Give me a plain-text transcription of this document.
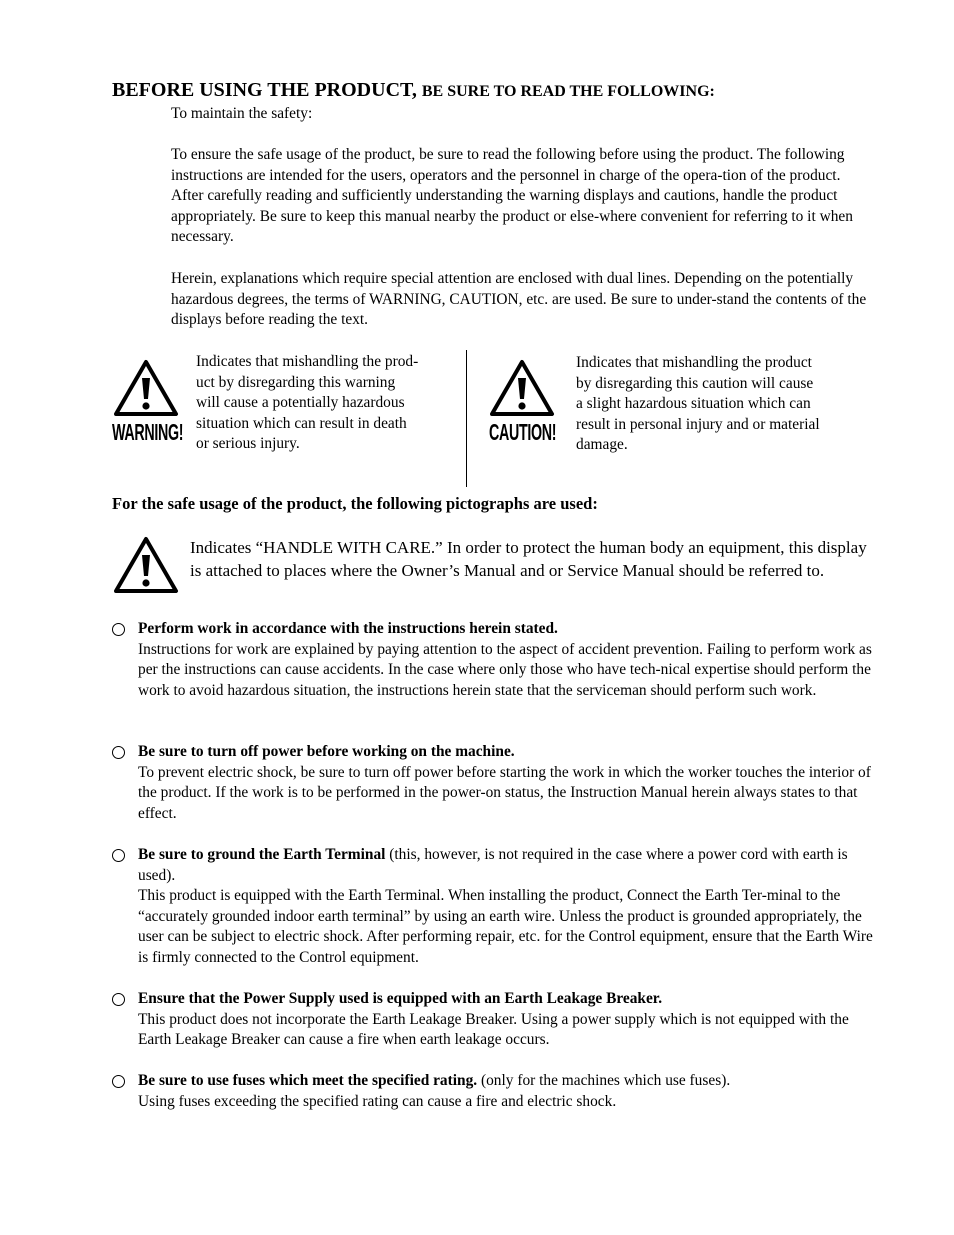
BEFORE USING THE PRODUCT, BE SURE TO READ THE FOLLOWING:
To maintain the safety:
To ensure the safe usage of the product, be sure to read the following before using the product. The following instructions are intended for the users, operators and the personnel in charge of the opera-tion of the product. After carefully reading and sufficiently understanding the warning displays and cautions, handle the product appropriately. Be sure to keep this manual nearby the product or else-where convenient for referring to it when necessary.
Herein, explanations which require special attention are enclosed with dual lines. Depending on the potentially hazardous degrees, the terms of WARNING, CAUTION, etc. are used. Be sure to under-stand the contents of the displays before reading the text.
WARNING!
Indicates that mishandling the prod-
uct by disregarding this warning
will cause a potentially hazardous
situation which can result in death
or serious injury.	CAUTION!
Indicates that mishandling the product
by disregarding this caution will cause
a slight hazardous situation which can
result in personal injury and or material
damage.
For the safe usage of the product, the following pictographs are used:
Indicates “HANDLE WITH CARE.” In order to protect the human body an equipment, this display is attached to places where the Owner’s Manual and or Service Manual should be referred to.
Perform work in accordance with the instructions herein stated.
Instructions for work are explained by paying attention to the aspect of accident prevention. Failing to perform work as per the instructions can cause accidents. In the case where only those who have tech-nical expertise should perform the work to avoid hazardous situation, the instructions herein state that the serviceman should perform such work.
Be sure to turn off power before working on the machine.
To prevent electric shock, be sure to turn off power before starting the work in which the worker touches the interior of the product. If the work is to be performed in the power-on status, the Instruction Manual herein always states to that effect.
Be sure to ground the Earth Terminal (this, however, is not required in the case where a power cord with earth is used).
This product is equipped with the Earth Terminal. When installing the product, Connect the Earth Ter-minal to the “accurately grounded indoor earth terminal” by using an earth wire. Unless the product is grounded appropriately, the user can be subject to electric shock. After performing repair, etc. for the Control equipment, ensure that the Earth Wire is firmly connected to the Control equipment.
Ensure that the Power Supply used is equipped with an Earth Leakage Breaker.
This product does not incorporate the Earth Leakage Breaker. Using a power supply which is not equipped with the Earth Leakage Breaker can cause a fire when earth leakage occurs.
Be sure to use fuses which meet the specified rating. (only for the machines which use fuses).
Using fuses exceeding the specified rating can cause a fire and electric shock.
